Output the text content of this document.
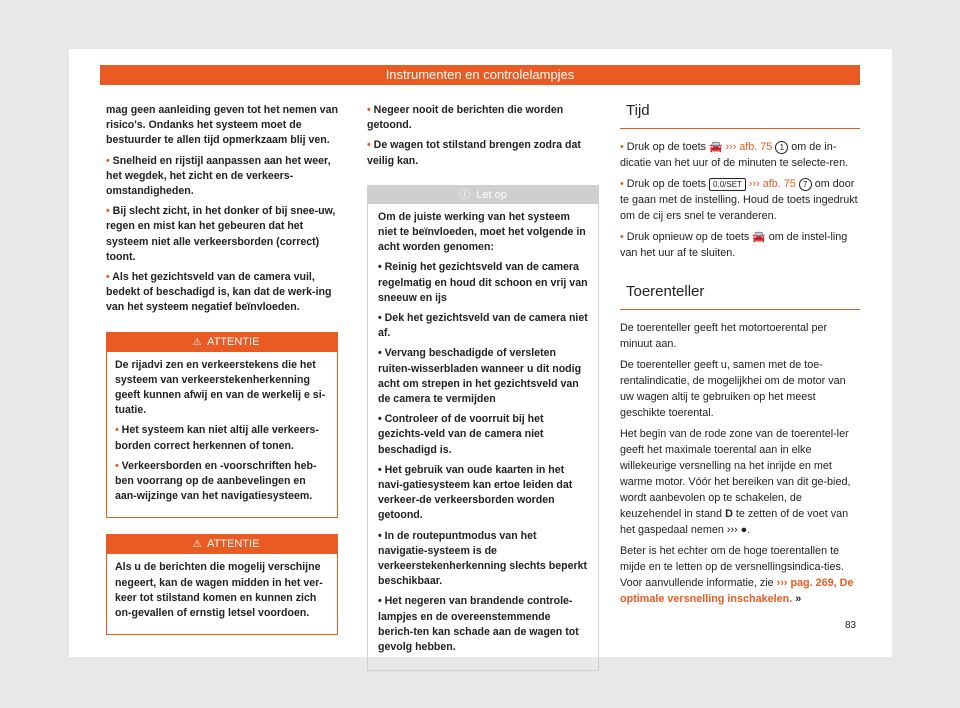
Instrumenten en controlelampjes

mag geen aanleiding geven tot het nemen van risico's. Ondanks het systeem moet de bestuurder te allen tijd opmerkzaam blij ven.

• Snelheid en rijstijl aanpassen aan het weer, het wegdek, het zicht en de verkeers-omstandigheden.

• Bij slecht zicht, in het donker of bij snee-uw, regen en mist kan het gebeuren dat het systeem niet alle verkeersborden (correct) toont.

• Als het gezichtsveld van de camera vuil, bedekt of beschadigd is, kan dat de werk-ing van het systeem negatief beïnvloeden.

⚠ ATTENTIE

De rijadvi zen en verkeerstekens die het systeem van verkeerstekenherkenning geeft kunnen afwij en van de werkelij e si-tuatie.

• Het systeem kan niet altij alle verkeers-borden correct herkennen of tonen.

• Verkeersborden en -voorschriften heb-ben voorrang op de aanbevelingen en aan-wijzinge van het navigatiesysteem.

⚠ ATTENTIE

Als u de berichten die mogelij verschijne negeert, kan de wagen midden in het ver-keer tot stilstand komen en kunnen zich on-gevallen of ernstig letsel voordoen.

• Negeer nooit de berichten die worden getoond.

• De wagen tot stilstand brengen zodra dat veilig kan.

ⓘ Let op

Om de juiste werking van het systeem niet te beïnvloeden, moet het volgende in acht worden genomen:

• Reinig het gezichtsveld van de camera regelmatig en houd dit schoon en vrij van sneeuw en ijs

• Dek het gezichtsveld van de camera niet af.

• Vervang beschadigde of versleten ruiten-wisserbladen wanneer u dit nodig acht om strepen in het gezichtsveld van de camera te vermijden

• Controleer of de voorruit bij het gezichts-veld van de camera niet beschadigd is.

• Het gebruik van oude kaarten in het navi-gatiesysteem kan ertoe leiden dat verkeer-de verkeersborden worden getoond.

• In de routepuntmodus van het navigatie-systeem is de verkeerstekenherkenning slechts beperkt beschikbaar.

• Het negeren van brandende controle-lampjes en de overeenstemmende berich-ten kan schade aan de wagen tot gevolg hebben.

Tijd

• Druk op de toets 🚘 ››› afb. 75 1 om de in-dicatie van het uur of de minuten te selecte-ren.

• Druk op de toets 0.0/SET ››› afb. 75 7 om door te gaan met de instelling. Houd de toets ingedrukt om de cij ers snel te veranderen.

• Druk opnieuw op de toets 🚘 om de instel-ling van het uur af te sluiten.

Toerenteller

De toerenteller geeft het motortoerental per minuut aan.

De toerenteller geeft u, samen met de toe-rentalindicatie, de mogelijkhei om de motor van uw wagen altij te gebruiken op het meest geschikte toerental.

Het begin van de rode zone van de toerentel-ler geeft het maximale toerental aan in elke willekeurige versnelling na het inrijde en met warme motor. Vóór het bereiken van dit ge-bied, wordt aanbevolen op te schakelen, de keuzehendel in stand D te zetten of de voet van het gaspedaal nemen ››› ●.

Beter is het echter om de hoge toerentallen te mijde en te letten op de versnellingsindica-ties. Voor aanvullende informatie, zie ››› pag. 269, De optimale versnelling inschakelen. »

83
